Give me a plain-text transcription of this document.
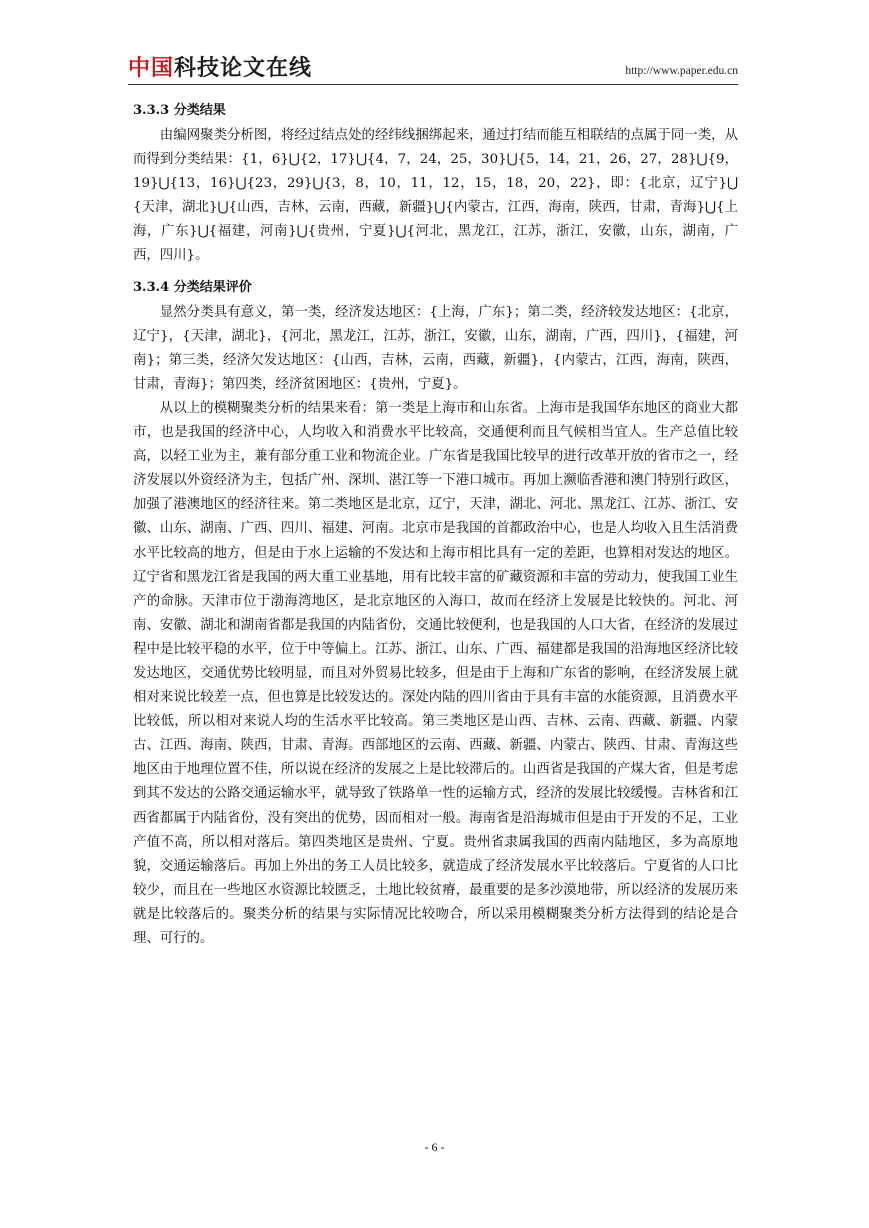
中国科技论文在线	http://www.paper.edu.cn
3.3.3 分类结果

由编网聚类分析图，将经过结点处的经纬线捆绑起来，通过打结而能互相联结的点属于同一类，从而得到分类结果：{1，6}⋃{2，17}⋃{4，7，24，25，30}⋃{5，14，21，26，27，28}⋃{9，19}⋃{13，16}⋃{23，29}⋃{3，8，10，11，12，15，18，20，22}，即：{北京，辽宁}⋃{天津，湖北}⋃{山西，吉林，云南，西藏，新疆}⋃{内蒙古，江西，海南，陕西，甘肃，青海}⋃{上海，广东}⋃{福建，河南}⋃{贵州，宁夏}⋃{河北，黑龙江，江苏，浙江，安徽，山东，湖南，广西，四川}。

3.3.4 分类结果评价

显然分类具有意义，第一类，经济发达地区：{上海，广东}；第二类，经济较发达地区：{北京，辽宁}，{天津，湖北}，{河北，黑龙江，江苏，浙江，安徽，山东，湖南，广西，四川}，{福建，河南}；第三类，经济欠发达地区：{山西，吉林，云南，西藏，新疆}，{内蒙古，江西，海南，陕西，甘肃，青海}；第四类，经济贫困地区：{贵州，宁夏}。

从以上的模糊聚类分析的结果来看：第一类是上海市和山东省。上海市是我国华东地区的商业大都市，也是我国的经济中心，人均收入和消费水平比较高，交通便利而且气候相当宜人。生产总值比较高，以轻工业为主，兼有部分重工业和物流企业。广东省是我国比较早的进行改革开放的省市之一，经济发展以外资经济为主，包括广州、深圳、湛江等一下港口城市。再加上濒临香港和澳门特别行政区，加强了港澳地区的经济往来。第二类地区是北京，辽宁，天津，湖北、河北、黑龙江、江苏、浙江、安徽、山东、湖南、广西、四川、福建、河南。北京市是我国的首都政治中心，也是人均收入且生活消费水平比较高的地方，但是由于水上运输的不发达和上海市相比具有一定的差距，也算相对发达的地区。辽宁省和黑龙江省是我国的两大重工业基地，用有比较丰富的矿藏资源和丰富的劳动力，使我国工业生产的命脉。天津市位于渤海湾地区，是北京地区的入海口，故而在经济上发展是比较快的。河北、河南、安徽、湖北和湖南省都是我国的内陆省份，交通比较便利，也是我国的人口大省，在经济的发展过程中是比较平稳的水平，位于中等偏上。江苏、浙江、山东、广西、福建都是我国的沿海地区经济比较发达地区，交通优势比较明显，而且对外贸易比较多，但是由于上海和广东省的影响，在经济发展上就相对来说比较差一点，但也算是比较发达的。深处内陆的四川省由于具有丰富的水能资源，且消费水平比较低，所以相对来说人均的生活水平比较高。第三类地区是山西、吉林、云南、西藏、新疆、内蒙古、江西、海南、陕西，甘肃、青海。西部地区的云南、西藏、新疆、内蒙古、陕西、甘肃、青海这些地区由于地理位置不佳，所以说在经济的发展之上是比较滞后的。山西省是我国的产煤大省，但是考虑到其不发达的公路交通运输水平，就导致了铁路单一性的运输方式，经济的发展比较缓慢。吉林省和江西省都属于内陆省份，没有突出的优势，因而相对一般。海南省是沿海城市但是由于开发的不足，工业产值不高，所以相对落后。第四类地区是贵州、宁夏。贵州省隶属我国的西南内陆地区，多为高原地貌，交通运输落后。再加上外出的务工人员比较多，就造成了经济发展水平比较落后。宁夏省的人口比较少，而且在一些地区水资源比较匮乏，土地比较贫瘠，最重要的是多沙漠地带，所以经济的发展历来就是比较落后的。聚类分析的结果与实际情况比较吻合，所以采用模糊聚类分析方法得到的结论是合理、可行的。

- 6 -
